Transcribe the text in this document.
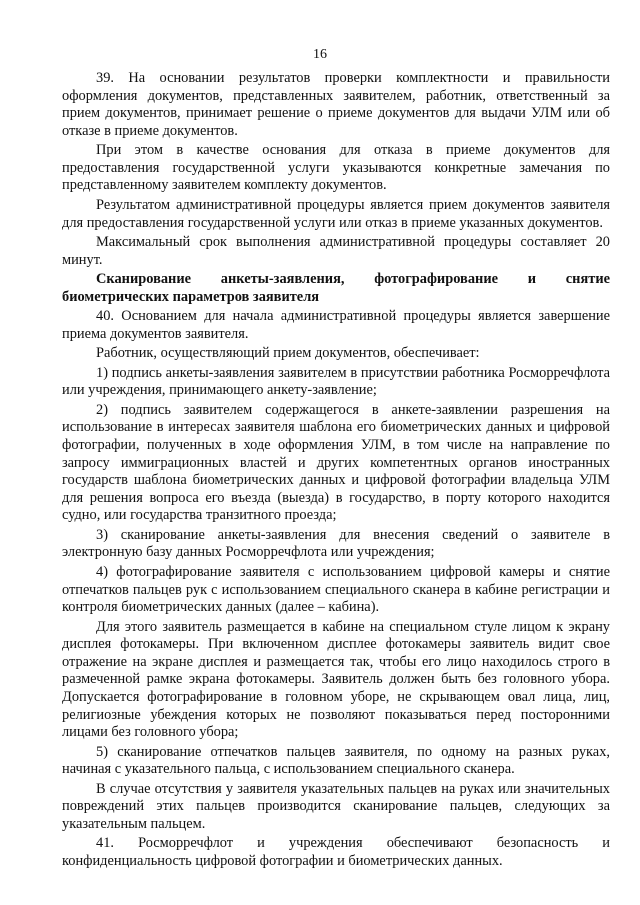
16

39. На основании результатов проверки комплектности и правильности оформления документов, представленных заявителем, работник, ответственный за прием документов, принимает решение о приеме документов для выдачи УЛМ или об отказе в приеме документов.

При этом в качестве основания для отказа в приеме документов для предоставления государственной услуги указываются конкретные замечания по представленному заявителем комплекту документов.

Результатом административной процедуры является прием документов заявителя для предоставления государственной услуги или отказ в приеме указанных документов.

Максимальный срок выполнения административной процедуры составляет 20 минут.

Сканирование анкеты-заявления, фотографирование и снятие биометрических параметров заявителя

40. Основанием для начала административной процедуры является завершение приема документов заявителя.

Работник, осуществляющий прием документов, обеспечивает:

1) подпись анкеты-заявления заявителем в присутствии работника Росморречфлота или учреждения, принимающего анкету-заявление;

2) подпись заявителем содержащегося в анкете-заявлении разрешения на использование в интересах заявителя шаблона его биометрических данных и цифровой фотографии, полученных в ходе оформления УЛМ, в том числе на направление по запросу иммиграционных властей и других компетентных органов иностранных государств шаблона биометрических данных и цифровой фотографии владельца УЛМ для решения вопроса его въезда (выезда) в государство, в порту которого находится судно, или государства транзитного проезда;

3) сканирование анкеты-заявления для внесения сведений о заявителе в электронную базу данных Росморречфлота или учреждения;

4) фотографирование заявителя с использованием цифровой камеры и снятие отпечатков пальцев рук с использованием специального сканера в кабине регистрации и контроля биометрических данных (далее – кабина).

Для этого заявитель размещается в кабине на специальном стуле лицом к экрану дисплея фотокамеры. При включенном дисплее фотокамеры заявитель видит свое отражение на экране дисплея и размещается так, чтобы его лицо находилось строго в размеченной рамке экрана фотокамеры. Заявитель должен быть без головного убора. Допускается фотографирование в головном уборе, не скрывающем овал лица, лиц, религиозные убеждения которых не позволяют показываться перед посторонними лицами без головного убора;

5) сканирование отпечатков пальцев заявителя, по одному на разных руках, начиная с указательного пальца, с использованием специального сканера.

В случае отсутствия у заявителя указательных пальцев на руках или значительных повреждений этих пальцев производится сканирование пальцев, следующих за указательным пальцем.

41. Росморречфлот и учреждения обеспечивают безопасность и конфиденциальность цифровой фотографии и биометрических данных.
